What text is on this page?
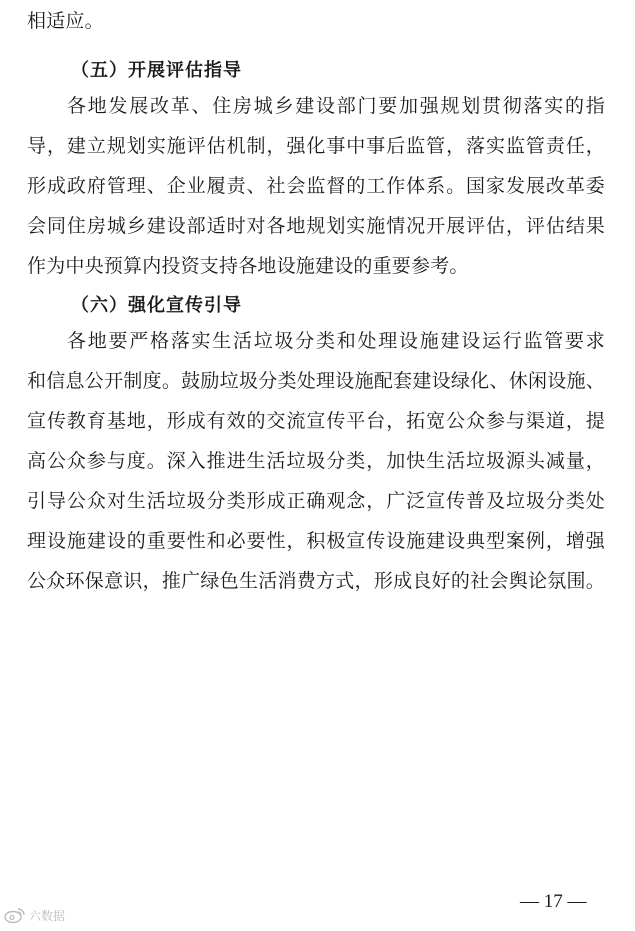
相适应。
（五）开展评估指导
各地发展改革、住房城乡建设部门要加强规划贯彻落实的指
导，建立规划实施评估机制，强化事中事后监管，落实监管责任，
形成政府管理、企业履责、社会监督的工作体系。国家发展改革委
会同住房城乡建设部适时对各地规划实施情况开展评估，评估结果
作为中央预算内投资支持各地设施建设的重要参考。
（六）强化宣传引导
各地要严格落实生活垃圾分类和处理设施建设运行监管要求
和信息公开制度。鼓励垃圾分类处理设施配套建设绿化、休闲设施、
宣传教育基地，形成有效的交流宣传平台，拓宽公众参与渠道，提
高公众参与度。深入推进生活垃圾分类，加快生活垃圾源头减量，
引导公众对生活垃圾分类形成正确观念，广泛宣传普及垃圾分类处
理设施建设的重要性和必要性，积极宣传设施建设典型案例，增强
公众环保意识，推广绿色生活消费方式，形成良好的社会舆论氛围。
— 17 —
六数据
